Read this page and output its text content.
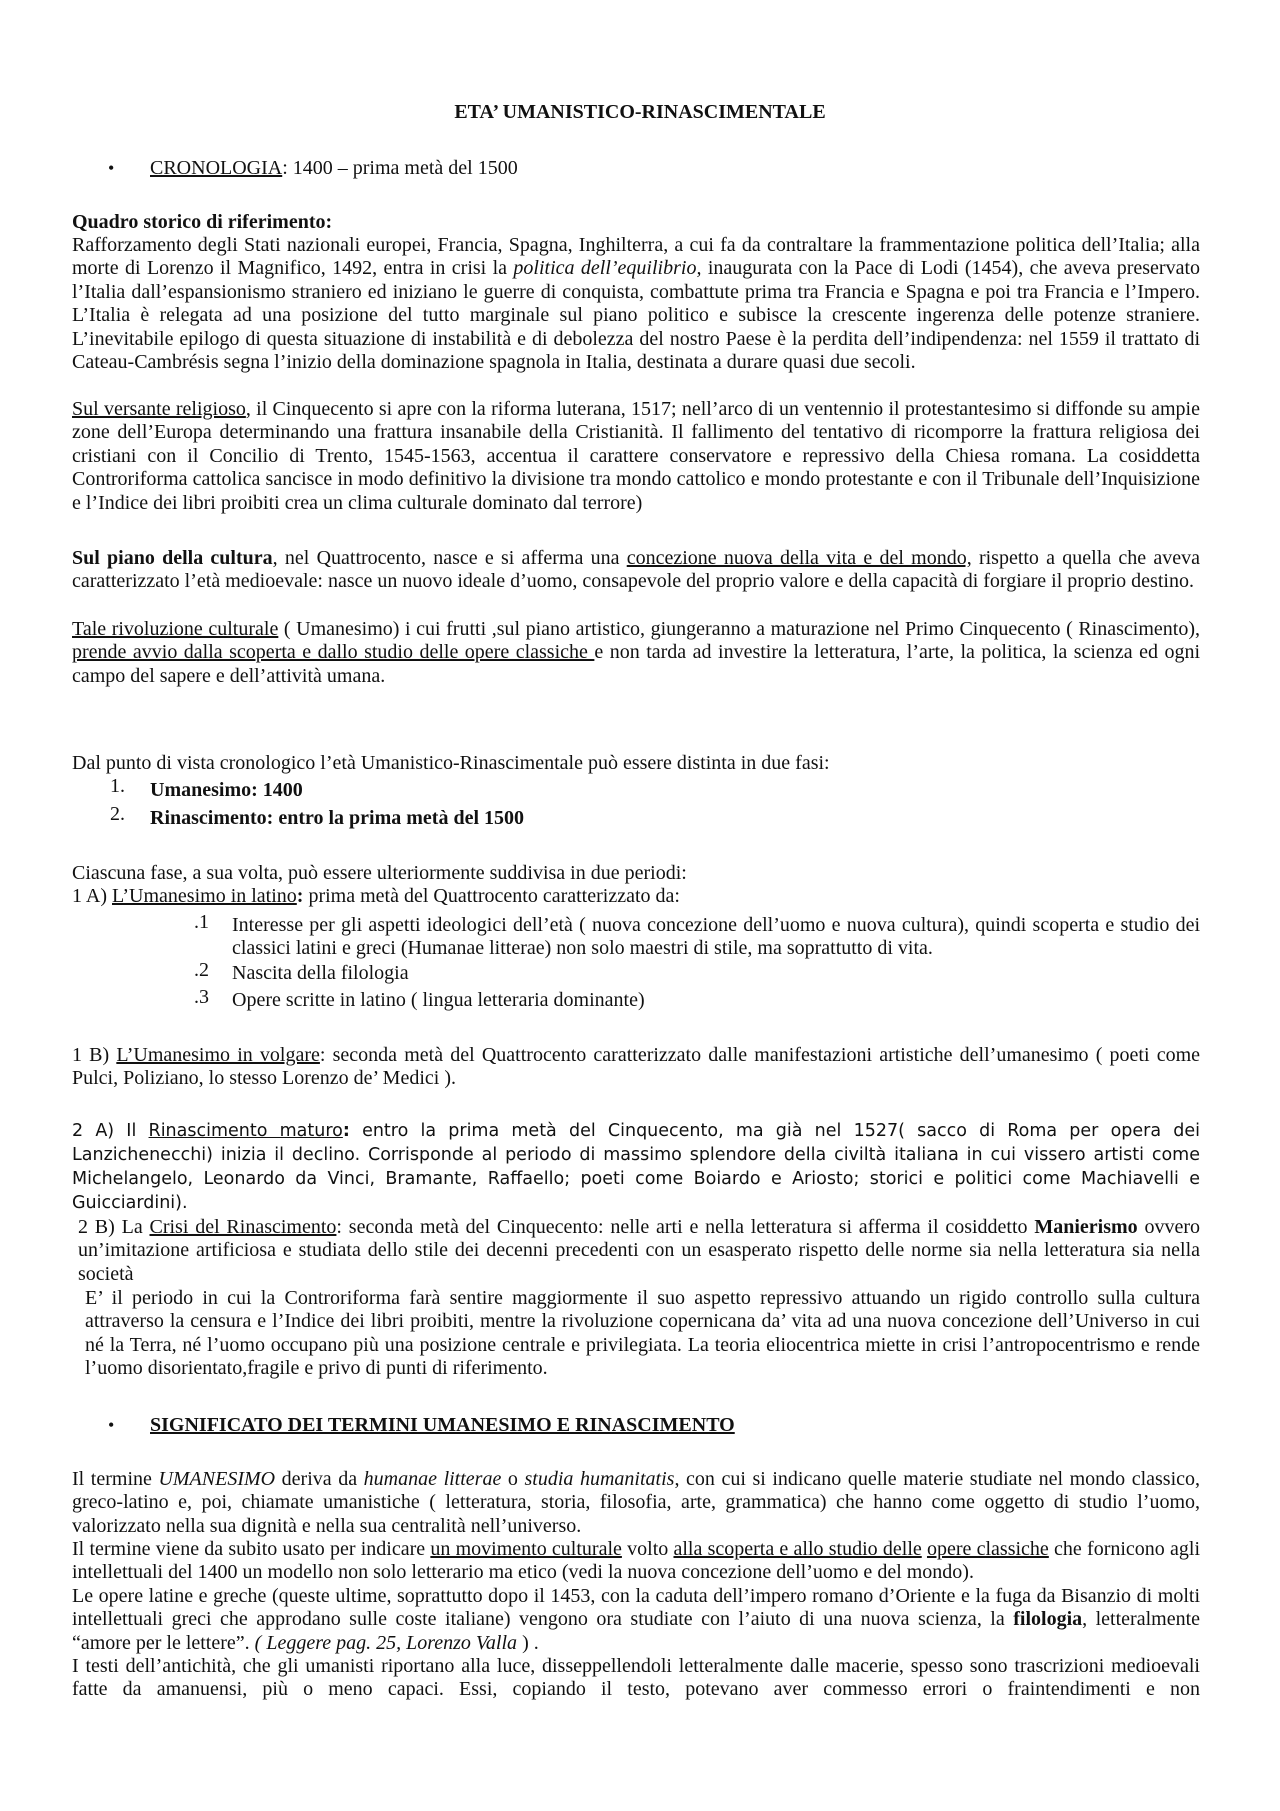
ETA’ UMANISTICO-RINASCIMENTALE
• CRONOLOGIA: 1400 – prima metà del 1500
Quadro storico di riferimento:
Rafforzamento degli Stati nazionali europei, Francia, Spagna, Inghilterra, a cui fa da contraltare la frammentazione politica dell’Italia; alla morte di Lorenzo il Magnifico, 1492, entra in crisi la politica dell’equilibrio, inaugurata con la Pace di Lodi (1454), che aveva preservato l’Italia dall’espansionismo straniero ed iniziano le guerre di conquista, combattute prima tra Francia e Spagna e poi tra Francia e l’Impero. L’Italia è relegata ad una posizione del tutto marginale sul piano politico e subisce la crescente ingerenza delle potenze straniere. L’inevitabile epilogo di questa situazione di instabilità e di debolezza del nostro Paese è la perdita dell’indipendenza: nel 1559 il trattato di Cateau-Cambrésis segna l’inizio della dominazione spagnola in Italia, destinata a durare quasi due secoli.
Sul versante religioso, il Cinquecento si apre con la riforma luterana, 1517; nell’arco di un ventennio il protestantesimo si diffonde su ampie zone dell’Europa determinando una frattura insanabile della Cristianità. Il fallimento del tentativo di ricomporre la frattura religiosa dei cristiani con il Concilio di Trento, 1545-1563, accentua il carattere conservatore e repressivo della Chiesa romana. La cosiddetta Controriforma cattolica sancisce in modo definitivo la divisione tra mondo cattolico e mondo protestante e con il Tribunale dell’Inquisizione e l’Indice dei libri proibiti crea un clima culturale dominato dal terrore)
Sul piano della cultura, nel Quattrocento, nasce e si afferma una concezione nuova della vita e del mondo, rispetto a quella che aveva caratterizzato l’età medioevale: nasce un nuovo ideale d’uomo, consapevole del proprio valore e della capacità di forgiare il proprio destino.
Tale rivoluzione culturale ( Umanesimo) i cui frutti ,sul piano artistico, giungeranno a maturazione nel Primo Cinquecento ( Rinascimento), prende avvio dalla scoperta e dallo studio delle opere classiche e non tarda ad investire la letteratura, l’arte, la politica, la scienza ed ogni campo del sapere e dell’attività umana.
Dal punto di vista cronologico l’età Umanistico-Rinascimentale può essere distinta in due fasi:
1. Umanesimo: 1400
2. Rinascimento: entro la prima metà del 1500
Ciascuna fase, a sua volta, può essere ulteriormente suddivisa in due periodi:
1 A) L’Umanesimo in latino: prima metà del Quattrocento caratterizzato da:
.1 Interesse per gli aspetti ideologici dell’età ( nuova concezione dell’uomo e nuova cultura), quindi scoperta e studio dei classici latini e greci (Humanae litterae) non solo maestri di stile, ma soprattutto di vita.
.2 Nascita della filologia
.3 Opere scritte in latino ( lingua letteraria dominante)
1 B) L’Umanesimo in volgare: seconda metà del Quattrocento caratterizzato dalle manifestazioni artistiche dell’umanesimo ( poeti come Pulci, Poliziano, lo stesso Lorenzo de’ Medici ).
2 A) Il Rinascimento maturo: entro la prima metà del Cinquecento, ma già nel 1527( sacco di Roma per opera dei Lanzichenecchi) inizia il declino. Corrisponde al periodo di massimo splendore della civiltà italiana in cui vissero artisti come Michelangelo, Leonardo da Vinci, Bramante, Raffaello; poeti come Boiardo e Ariosto; storici e politici come Machiavelli e Guicciardini).
2 B) La Crisi del Rinascimento: seconda metà del Cinquecento: nelle arti e nella letteratura si afferma il cosiddetto Manierismo ovvero un’imitazione artificiosa e studiata dello stile dei decenni precedenti con un esasperato rispetto delle norme sia nella letteratura sia nella società
E’ il periodo in cui la Controriforma farà sentire maggiormente il suo aspetto repressivo attuando un rigido controllo sulla cultura attraverso la censura e l’Indice dei libri proibiti, mentre la rivoluzione copernicana da’ vita ad una nuova concezione dell’Universo in cui né la Terra, né l’uomo occupano più una posizione centrale e privilegiata. La teoria eliocentrica miette in crisi l’antropocentrismo e rende l’uomo disorientato,fragile e privo di punti di riferimento.
• SIGNIFICATO DEI TERMINI UMANESIMO E RINASCIMENTO
Il termine UMANESIMO deriva da humanae litterae o studia humanitatis, con cui si indicano quelle materie studiate nel mondo classico, greco-latino e, poi, chiamate umanistiche ( letteratura, storia, filosofia, arte, grammatica) che hanno come oggetto di studio l’uomo, valorizzato nella sua dignità e nella sua centralità nell’universo.
Il termine viene da subito usato per indicare un movimento culturale volto alla scoperta e allo studio delle opere classiche che fornicono agli intellettuali del 1400 un modello non solo letterario ma etico (vedi la nuova concezione dell’uomo e del mondo).
Le opere latine e greche (queste ultime, soprattutto dopo il 1453, con la caduta dell’impero romano d’Oriente e la fuga da Bisanzio di molti intellettuali greci che approdano sulle coste italiane) vengono ora studiate con l’aiuto di una nuova scienza, la filologia, letteralmente “amore per le lettere”. ( Leggere pag. 25, Lorenzo Valla ) .
I testi dell’antichità, che gli umanisti riportano alla luce, disseppellendoli letteralmente dalle macerie, spesso sono trascrizioni medioevali fatte da amanuensi, più o meno capaci. Essi, copiando il testo, potevano aver commesso errori o fraintendimenti e non
